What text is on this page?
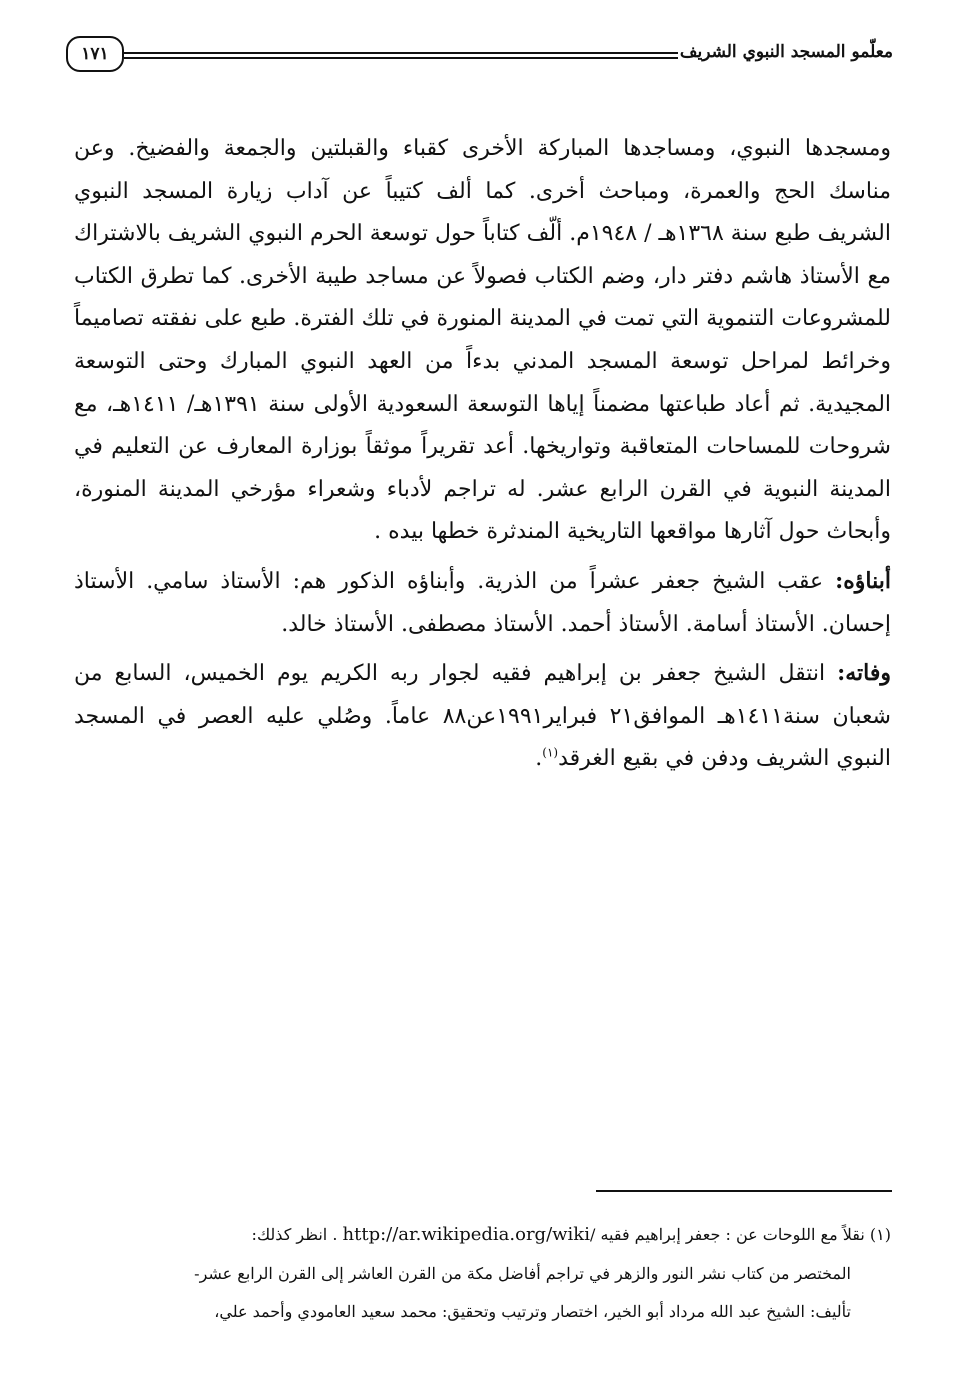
معلّمو المسجد النبوي الشريف
١٧١

ومسجدها النبوي، ومساجدها المباركة الأخرى كقباء والقبلتين والجمعة والفضيخ. وعن مناسك الحج والعمرة، ومباحث أخرى. كما ألف كتيباً عن آداب زيارة المسجد النبوي الشريف طبع سنة ١٣٦٨هـ / ١٩٤٨م. ألّف كتاباً حول توسعة الحرم النبوي الشريف بالاشتراك مع الأستاذ هاشم دفتر دار، وضم الكتاب فصولاً عن مساجد طيبة الأخرى. كما تطرق الكتاب للمشروعات التنموية التي تمت في المدينة المنورة في تلك الفترة. طبع على نفقته تصاميماً وخرائط لمراحل توسعة المسجد المدني بدءاً من العهد النبوي المبارك وحتى التوسعة المجيدية. ثم أعاد طباعتها مضمناً إياها التوسعة السعودية الأولى سنة ١٣٩١هـ/ ١٤١١هـ، مع شروحات للمساحات المتعاقبة وتواريخها. أعد تقريراً موثقاً بوزارة المعارف عن التعليم في المدينة النبوية في القرن الرابع عشر. له تراجم لأدباء وشعراء مؤرخي المدينة المنورة، وأبحاث حول آثارها مواقعها التاريخية المندثرة خطها بيده .

أبناؤه: عقب الشيخ جعفر عشراً من الذرية. وأبناؤه الذكور هم: الأستاذ سامي. الأستاذ إحسان. الأستاذ أسامة. الأستاذ أحمد. الأستاذ مصطفى. الأستاذ خالد.

وفاته: انتقل الشيخ جعفر بن إبراهيم فقيه لجوار ربه الكريم يوم الخميس، السابع من شعبان سنة١٤١١هـ الموافق٢١ فبراير١٩٩١عن٨٨ عاماً. وصُلي عليه العصر في المسجد النبوي الشريف ودفن في بقيع الغرقد$^{(١)}$.

(١) نقلاً مع اللوحات عن : جعفر إبراهيم فقيه /http://ar.wikipedia.org/wiki . انظر كذلك:

المختصر من كتاب نشر النور والزهر في تراجم أفاضل مكة من القرن العاشر إلى القرن الرابع عشر-

تأليف: الشيخ عبد الله مرداد أبو الخير، اختصار وترتيب وتحقيق: محمد سعيد العامودي وأحمد علي،
